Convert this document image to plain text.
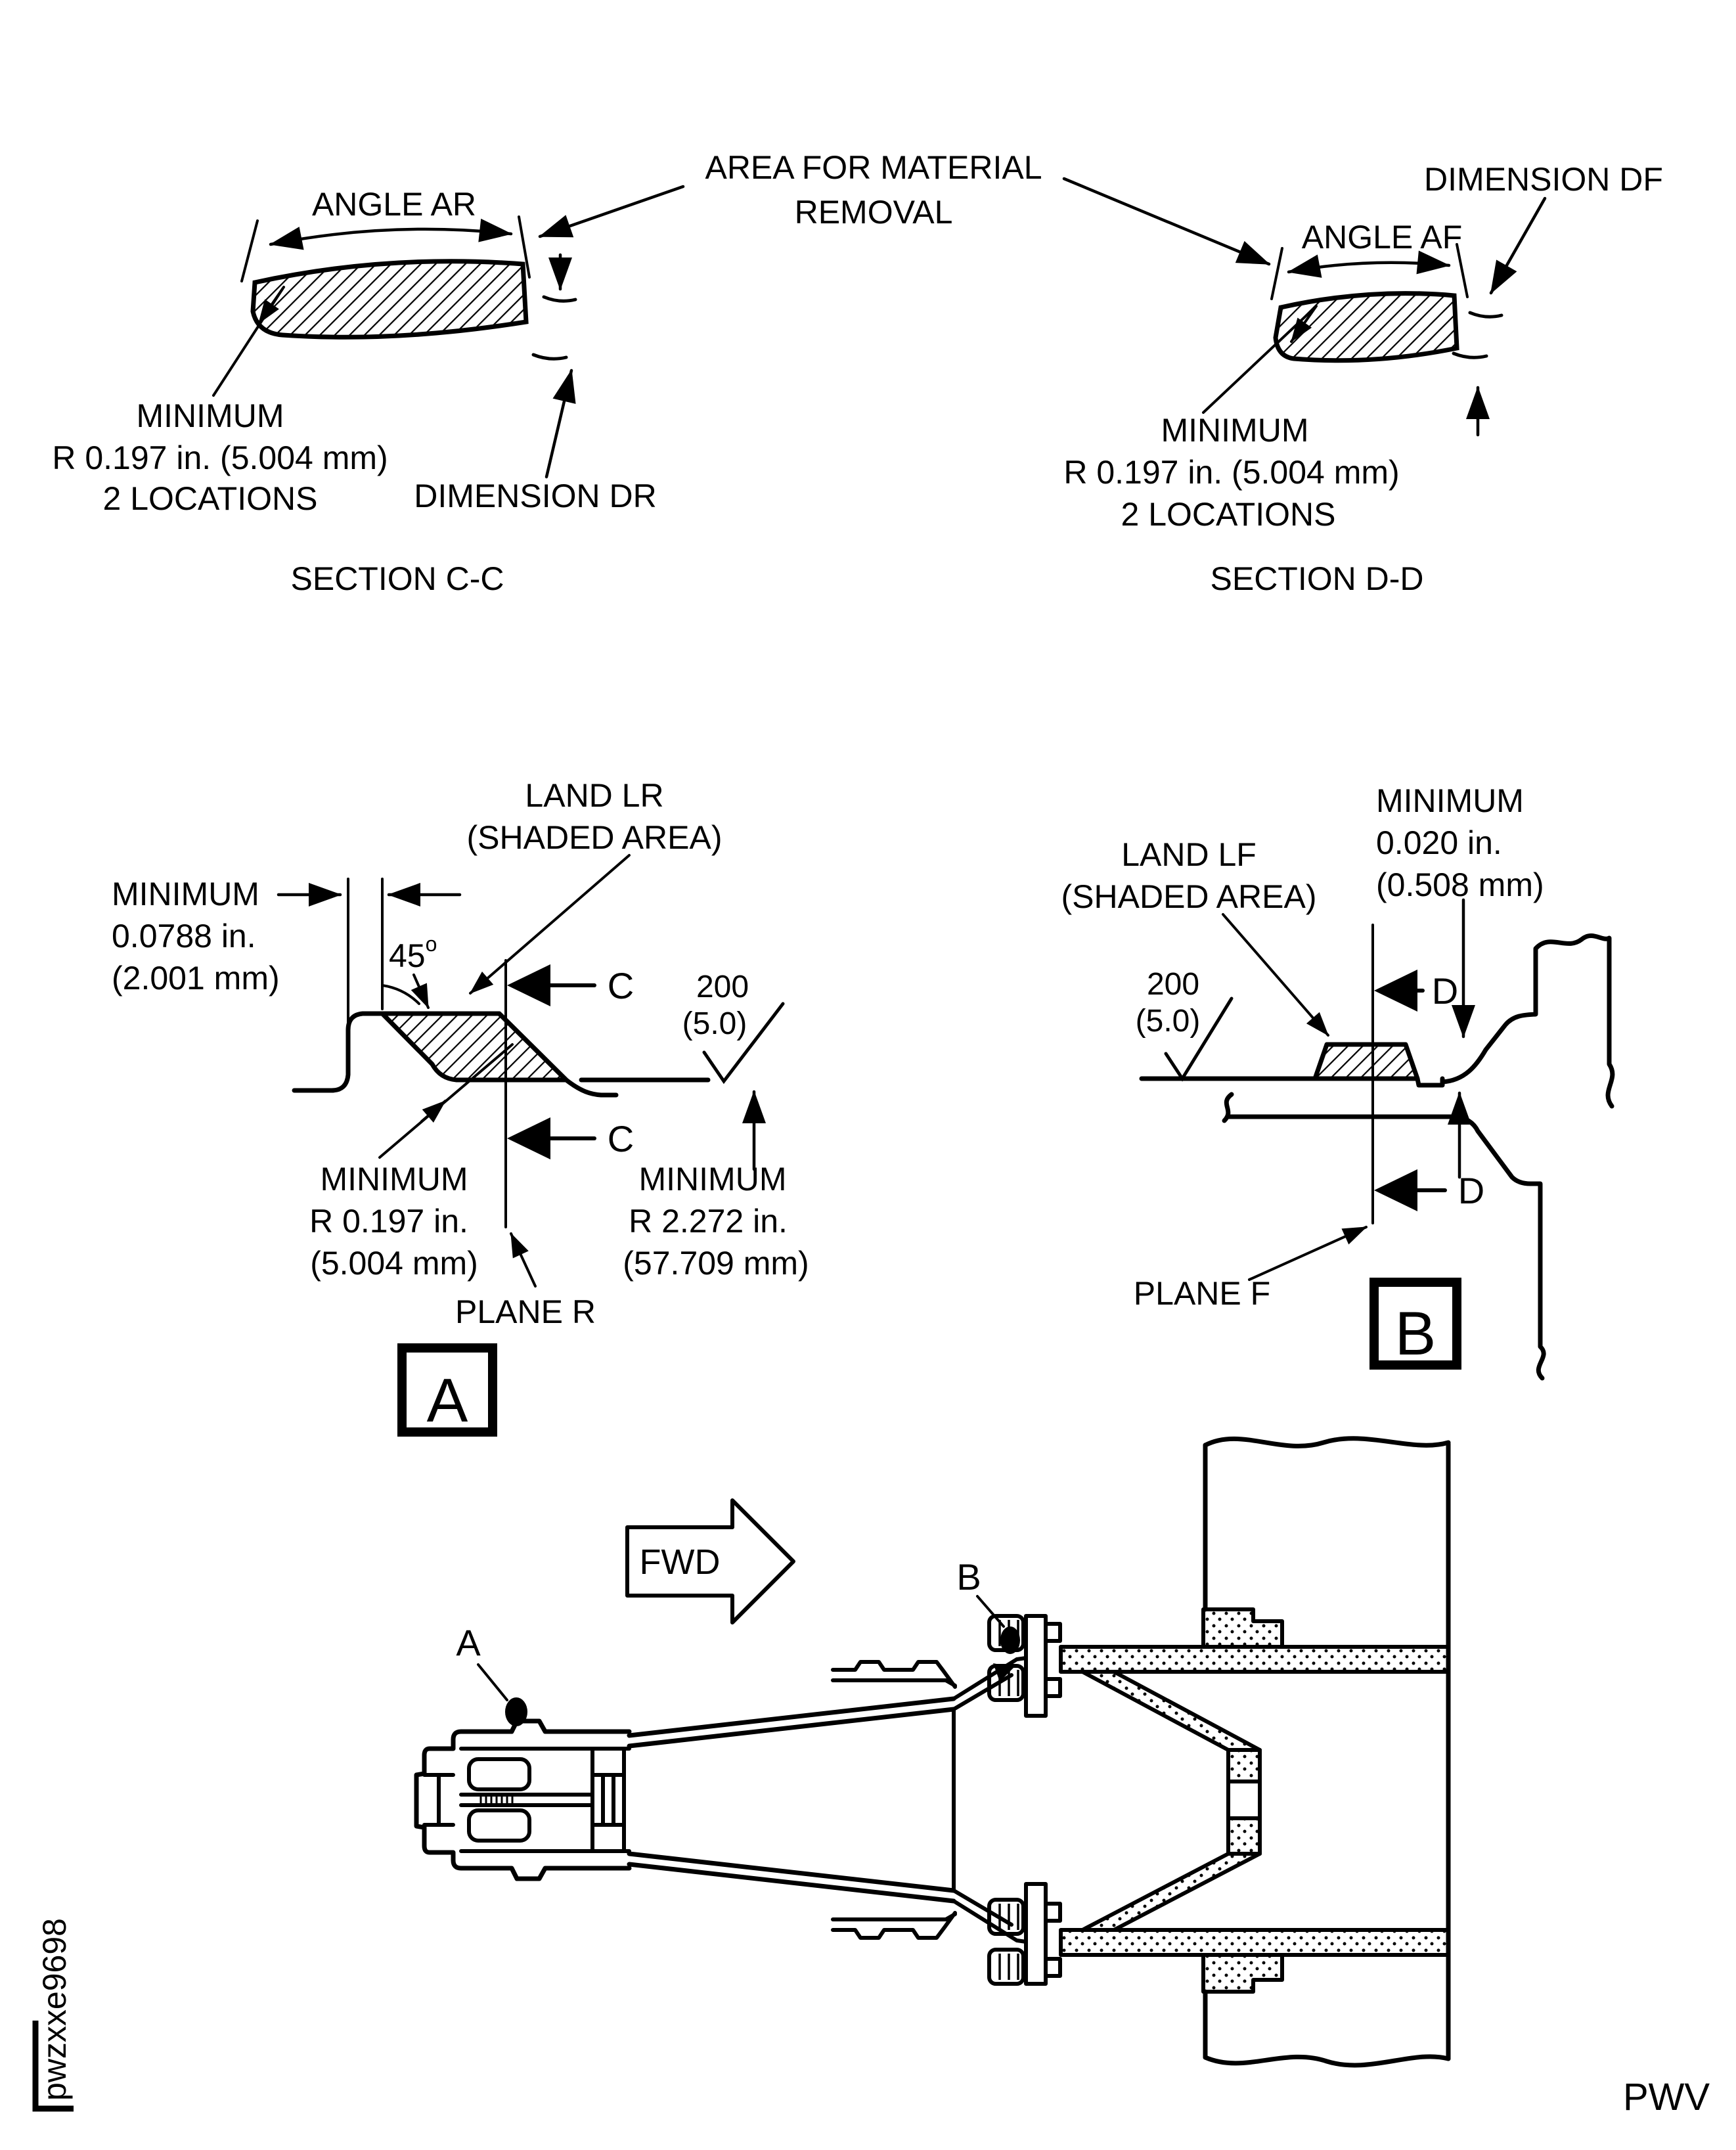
ANGLE AR
DIMENSION DR
MINIMUM
R 0.197 in. (5.004 mm)
2 LOCATIONS
SECTION C-C
AREA FOR MATERIAL
REMOVAL
DIMENSION DF
ANGLE AF
MINIMUM
R 0.197 in. (5.004 mm)
2 LOCATIONS
SECTION D-D
LAND LR
(SHADED AREA)
MINIMUM
0.0788 in.
(2.001 mm)
45$^o$
200
(5.0)
C
C
MINIMUM
R 0.197 in.
(5.004 mm)
MINIMUM
R 2.272 in.
(57.709 mm)
PLANE R
A
MINIMUM
0.020 in.
(0.508 mm)
LAND LF
(SHADED AREA)
200
(5.0)
D
D
PLANE F
B
FWD
A
B
pwzxxe9698	PWV
